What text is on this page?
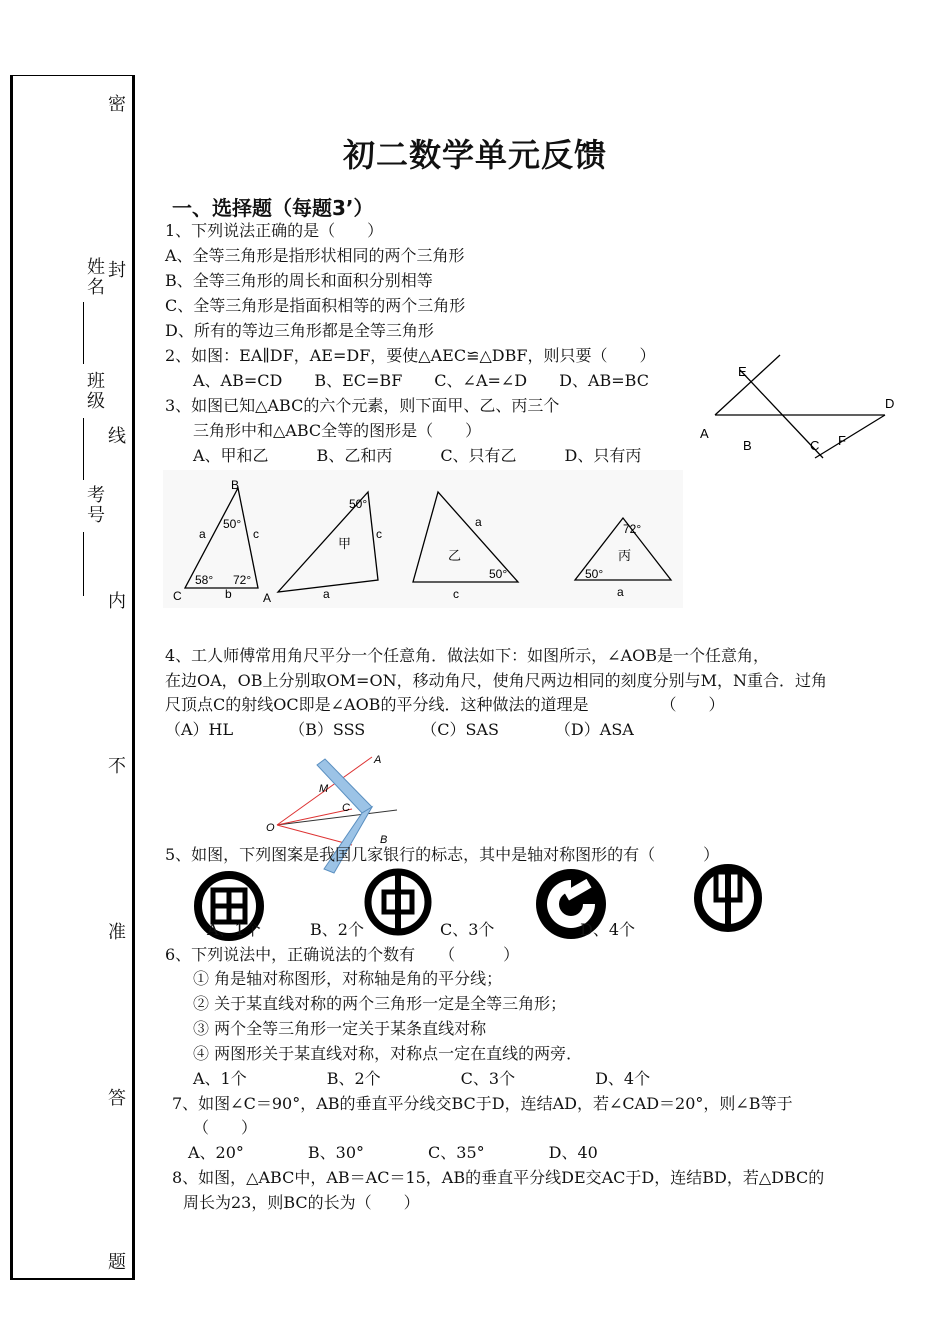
密
封
线
内
不
准
答
题
姓
名
班
级
考
号
初二数学单元反馈
一、选择题（每题3’）
1、下列说法正确的是（　　）
A、全等三角形是指形状相同的两个三角形
B、全等三角形的周长和面积分别相等
C、全等三角形是指面积相等的两个三角形
D、所有的等边三角形都是全等三角形
2、如图：EA∥DF，AE=DF，要使△AEC≌△DBF，则只要（　　）
A、AB=CD　　B、EC=BF　　C、∠A=∠D　　D、AB=BC	E
D
A
B	C F
3、如图已知△ABC的六个元素，则下面甲、乙、丙三个
三角形中和△ABC全等的图形是（　　）
A、甲和乙　　　B、乙和丙　　　C、只有乙　　　D、只有丙
B
50°
a	c
58° 72°
C	b	A
50°
甲
c
a
a
乙
50°
c
72°
丙
50°
a
4、工人师傅常用角尺平分一个任意角．做法如下：如图所示，∠AOB是一个任意角，
在边OA，OB上分别取OM=ON，移动角尺，使角尺两边相同的刻度分别与M，N重合．过角
尺顶点C的射线OC即是∠AOB的平分线．这种做法的道理是　　　　　（　　）
（A）HL　　　　（B）SSS　　　　（C）SAS　　　　（D）ASA
A
M
C
O
B
5、如图，下列图案是我国几家银行的标志，其中是轴对称图形的有（　　　）
A、1个	B、2个	C、3个	D、4个
6、下列说法中，正确说法的个数有　　（　　　）
① 角是轴对称图形，对称轴是角的平分线；
② 关于某直线对称的两个三角形一定是全等三角形；
③ 两个全等三角形一定关于某条直线对称
④ 两图形关于某直线对称，对称点一定在直线的两旁．
A、1个　　　　　B、2个　　　　　C、3个　　　　　D、4个
7、如图∠C＝90°，AB的垂直平分线交BC于D，连结AD，若∠CAD＝20°，则∠B等于
（　　）
A、20°　　　　B、30°　　　　C、35°　　　　D、40
8、如图，△ABC中，AB＝AC＝15，AB的垂直平分线DE交AC于D，连结BD，若△DBC的
周长为23，则BC的长为（　　）
